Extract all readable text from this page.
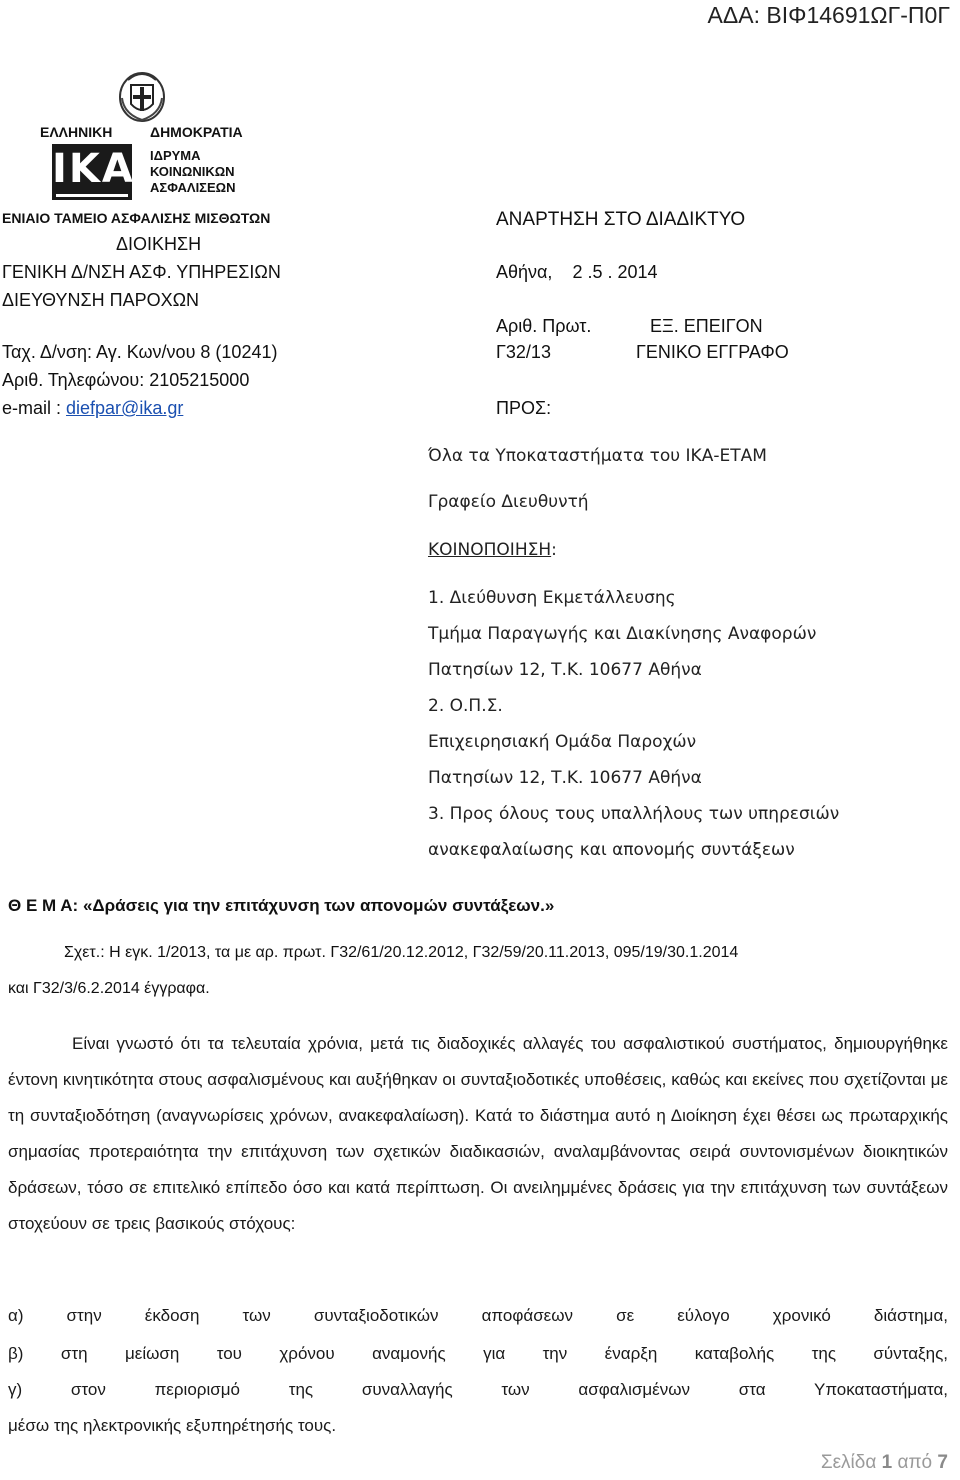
ΑΔΑ: ΒΙΦ14691ΩΓ-Π0Γ
ΕΛΛΗΝΙΚΗ	ΔΗΜΟΚΡΑΤΙΑ
IKA ΙΔΡΥΜΑ
ΚΟΙΝΩΝΙΚΩΝ
ΑΣΦΑΛΙΣΕΩΝ
ΕΝΙΑΙΟ ΤΑΜΕΙΟ ΑΣΦΑΛΙΣΗΣ ΜΙΣΘΩΤΩΝ
ΔΙΟΙΚΗΣΗ
ΓΕΝΙΚΗ Δ/ΝΣΗ ΑΣΦ. ΥΠΗΡΕΣΙΩΝ
ΔΙΕΥΘΥΝΣΗ ΠΑΡΟΧΩΝ
Ταχ. Δ/νση: Αγ. Κων/νου 8 (10241)
Αριθ. Τηλεφώνου: 2105215000
e-mail : diefpar@ika.gr
ΑΝΑΡΤΗΣΗ ΣΤΟ ΔΙΑΔΙΚΤΥΟ
Αθήνα,    2 .5 . 2014
Αριθ. Πρωτ.	ΕΞ. ΕΠΕΙΓΟΝ
Γ32/13	ΓΕΝΙΚΟ ΕΓΓΡΑΦΟ
ΠΡΟΣ:
Όλα τα Υποκαταστήματα του ΙΚΑ-ΕΤΑΜ
Γραφείο Διευθυντή
ΚΟΙΝΟΠΟΙΗΣΗ:
1. Διεύθυνση Εκμετάλλευσης
Τμήμα Παραγωγής και Διακίνησης Αναφορών
Πατησίων 12, Τ.Κ. 10677 Αθήνα
2. Ο.Π.Σ.
Επιχειρησιακή Ομάδα Παροχών
Πατησίων 12, Τ.Κ. 10677 Αθήνα
3. Προς όλους τους υπαλλήλους των υπηρεσιών
ανακεφαλαίωσης και απονομής συντάξεων
Θ Ε Μ Α: «Δράσεις για την επιτάχυνση των απονομών συντάξεων.»
Σχετ.: Η εγκ. 1/2013, τα με αρ. πρωτ. Γ32/61/20.12.2012, Γ32/59/20.11.2013, 095/19/30.1.2014
και Γ32/3/6.2.2014 έγγραφα.
Είναι γνωστό ότι τα τελευταία χρόνια, μετά τις διαδοχικές αλλαγές του ασφαλιστικού συστήματος, δημιουργήθηκε έντονη κινητικότητα στους ασφαλισμένους και αυξήθηκαν οι συνταξιοδοτικές υποθέσεις, καθώς και εκείνες που σχετίζονται με τη συνταξιοδότηση (αναγνωρίσεις χρόνων, ανακεφαλαίωση). Κατά το διάστημα αυτό η Διοίκηση έχει θέσει ως πρωταρχικής σημασίας προτεραιότητα την επιτάχυνση των σχετικών διαδικασιών, αναλαμβάνοντας σειρά συντονισμένων διοικητικών δράσεων, τόσο σε επιτελικό επίπεδο όσο και κατά περίπτωση. Οι ανειλημμένες δράσεις για την επιτάχυνση των συντάξεων στοχεύουν σε τρεις βασικούς στόχους:
α)   στην   έκδοση   των   συνταξιοδοτικών   αποφάσεων   σε   εύλογο   χρονικό   διάστημα,
β)   στη   μείωση   του   χρόνου   αναμονής   για   την   έναρξη   καταβολής   της   σύνταξης,
γ)   στον   περιορισμό   της   συναλλαγής   των   ασφαλισμένων   στα   Υποκαταστήματα,
μέσω της ηλεκτρονικής εξυπηρέτησής τους.
Σελίδα 1 από 7
